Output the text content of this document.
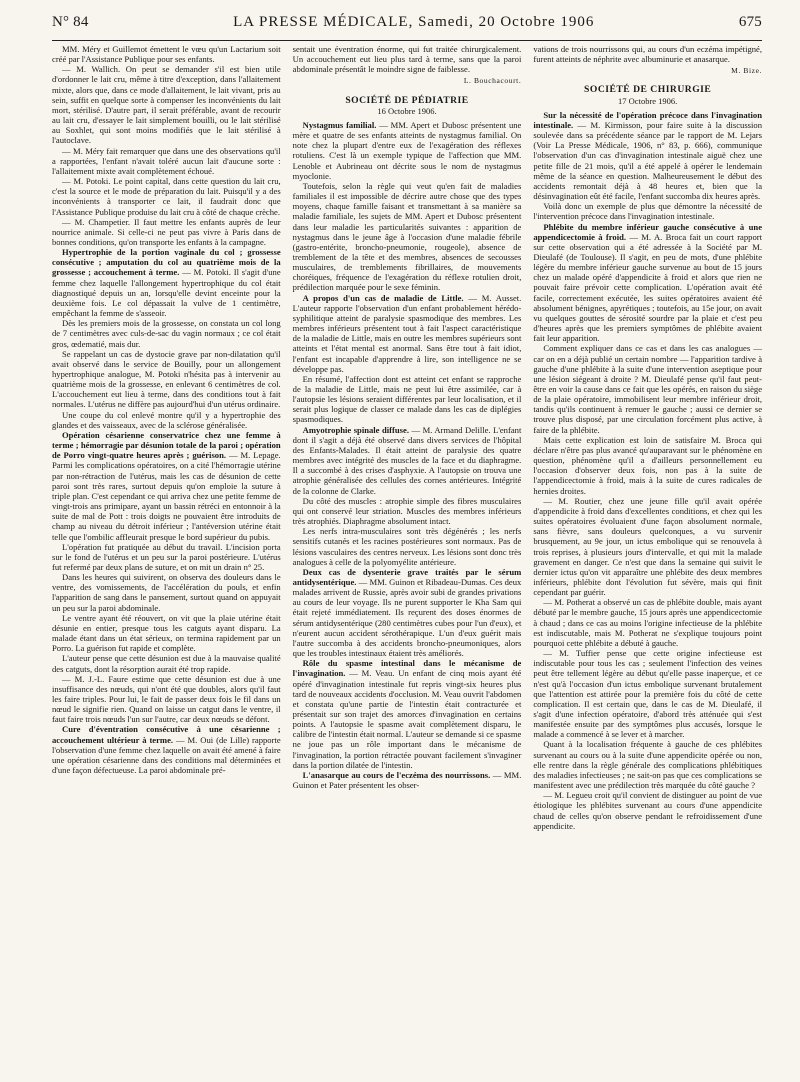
N° 84	LA PRESSE MÉDICALE, Samedi, 20 Octobre 1906	675

MM. Méry et Guillemot émettent le vœu qu'un Lactarium soit créé par l'Assistance Publique pour ses enfants.

— M. Wallich. On peut se demander s'il est bien utile d'ordonner le lait cru, même à titre d'exception, dans l'allaitement mixte, alors que, dans ce mode d'allaitement, le lait vivant, pris au sein, suffit en quelque sorte à compenser les inconvénients du lait mort, stérilisé. D'autre part, il serait préférable, avant de recourir au lait cru, d'essayer le lait simplement bouilli, ou le lait stérilisé au Soxhlet, qui sont moins modifiés que le lait stérilisé à l'autoclave.

— M. Méry fait remarquer que dans une des observations qu'il a rapportées, l'enfant n'avait toléré aucun lait d'aucune sorte : l'allaitement mixte avait complètement échoué.

— M. Potoki. Le point capital, dans cette question du lait cru, c'est la source et le mode de préparation du lait. Puisqu'il y a des inconvénients à transporter ce lait, il faudrait donc que l'Assistance Publique produise du lait cru à côté de chaque crèche.

— M. Champetier. Il faut mettre les enfants auprès de leur nourrice animale. Si celle-ci ne peut pas vivre à Paris dans de bonnes conditions, qu'on transporte les enfants à la campagne.

Hypertrophie de la portion vaginale du col ; grossesse consécutive ; amputation du col au quatrième mois de la grossesse ; accouchement à terme. — M. Potoki. Il s'agit d'une femme chez laquelle l'allongement hypertrophique du col était diagnostiqué depuis un an, lorsqu'elle devint enceinte pour la deuxième fois. Le col dépassait la vulve de 1 centimètre, empêchant la femme de s'asseoir.

Dès les premiers mois de la grossesse, on constata un col long de 7 centimètres avec culs-de-sac du vagin normaux ; ce col était gros, œdematié, mais dur.

Se rappelant un cas de dystocie grave par non-dilatation qu'il avait observé dans le service de Bouilly, pour un allongement hypertrophique analogue, M. Potoki n'hésita pas à intervenir au quatrième mois de la grossesse, en enlevant 6 centimètres de col. L'accouchement eut lieu à terme, dans des conditions tout à fait normales. L'utérus ne diffère pas aujourd'hui d'un utérus ordinaire.

Une coupe du col enlevé montre qu'il y a hypertrophie des glandes et des vaisseaux, avec de la sclérose généralisée.

Opération césarienne conservatrice chez une femme à terme ; hémorragie par désunion totale de la paroi ; opération de Porro vingt-quatre heures après ; guérison. — M. Lepage. Parmi les complications opératoires, on a cité l'hémorragie utérine par non-rétraction de l'utérus, mais les cas de désunion de cette paroi sont très rares, surtout depuis qu'on emploie la suture à triple plan. C'est cependant ce qui arriva chez une petite femme de vingt-trois ans primipare, ayant un bassin rétréci en entonnoir à la suite de mal de Pott : trois doigts ne pouvaient être introduits de champ au niveau du détroit inférieur ; l'antéversion utérine était telle que l'ombilic affleurait presque le bord supérieur du pubis.

L'opération fut pratiquée au début du travail. L'incision porta sur le fond de l'utérus et un peu sur la paroi postérieure. L'utérus fut refermé par deux plans de suture, et on mit un drain n° 25.

Dans les heures qui suivirent, on observa des douleurs dans le ventre, des vomissements, de l'accélération du pouls, et enfin l'apparition de sang dans le pansement, surtout quand on appuyait un peu sur la paroi abdominale.

Le ventre ayant été réouvert, on vit que la plaie utérine était désunie en entier, presque tous les catguts ayant disparu. La malade étant dans un état sérieux, on termina rapidement par un Porro. La guérison fut rapide et complète.

L'auteur pense que cette désunion est due à la mauvaise qualité des catguts, dont la résorption aurait été trop rapide.

— M. J.-L. Faure estime que cette désunion est due à une insuffisance des nœuds, qui n'ont été que doubles, alors qu'il faut les faire triples. Pour lui, le fait de passer deux fois le fil dans un nœud le signifie rien. Quand on laisse un catgut dans le ventre, il faut faire trois nœuds l'un sur l'autre, car deux nœuds se défont.

Cure d'éventration consécutive à une césarienne ; accouchement ultérieur à terme. — M. Oui (de Lille) rapporte l'observation d'une femme chez laquelle on avait été amené à faire une opération césarienne dans des conditions mal déterminées et d'une façon défectueuse. La paroi abdominale pré-

sentait une éventration énorme, qui fut traitée chirurgicalement. Un accouchement eut lieu plus tard à terme, sans que la paroi abdominale présentât le moindre signe de faiblesse.

L. Bouchacourt.
SOCIÉTÉ DE PÉDIATRIE
16 Octobre 1906.

Nystagmus familial. — MM. Apert et Dubosc présentent une mère et quatre de ses enfants atteints de nystagmus familial. On note chez la plupart d'entre eux de l'exagération des réflexes rotuliens. C'est là un exemple typique de l'affection que MM. Lenoble et Aubrineau ont décrite sous le nom de nystagmus myoclonie.

Toutefois, selon la règle qui veut qu'en fait de maladies familiales il est impossible de décrire autre chose que des types moyens, chaque famille faisant et transmettant à sa manière sa maladie familiale, les sujets de MM. Apert et Dubosc présentent dans leur maladie les particularités suivantes : apparition de nystagmus dans le jeune âge à l'occasion d'une maladie fébrile (gastro-entérite, broncho-pneumonie, rougeole), absence de tremblement de la tête et des membres, absences de secousses musculaires, de tremblements fibrillaires, de mouvements choréiques, fréquence de l'exagération du réflexe rotulien droit, prédilection marquée pour le sexe féminin.

A propos d'un cas de maladie de Little. — M. Ausset. L'auteur rapporte l'observation d'un enfant probablement hérédo-syphilitique atteint de paralysie spasmodique des membres. Les membres inférieurs présentent tout à fait l'aspect caractéristique de la maladie de Little, mais en outre les membres supérieurs sont atteints et l'état mental est anormal. Sans être tout à fait idiot, l'enfant est incapable d'apprendre à lire, son intelligence ne se développe pas.

En résumé, l'affection dont est atteint cet enfant se rapproche de la maladie de Little, mais ne peut lui être assimilée, car à l'autopsie les lésions seraient différentes par leur localisation, et il serait plus logique de classer ce malade dans les cas de diplégies spasmodiques.

Amyotrophie spinale diffuse. — M. Armand Delille. L'enfant dont il s'agit a déjà été observé dans divers services de l'hôpital des Enfants-Malades. Il était atteint de paralysie des quatre membres avec intégrité des muscles de la face et du diaphragme. Il a succombé à des crises d'asphyxie. A l'autopsie on trouva une atrophie généralisée des cellules des cornes antérieures. Intégrité de la colonne de Clarke.

Du côté des muscles : atrophie simple des fibres musculaires qui ont conservé leur striation. Muscles des membres inférieurs très atrophiés. Diaphragme absolument intact.

Les nerfs intra-musculaires sont très dégénérés ; les nerfs sensitifs cutanés et les racines postérieures sont normaux. Pas de lésions vasculaires des centres nerveux. Les lésions sont donc très analogues à celle de la polyomyélite antérieure.

Deux cas de dysenterie grave traités par le sérum antidysentérique. — MM. Guinon et Ribadeau-Dumas. Ces deux malades arrivent de Russie, après avoir subi de grandes privations au cours de leur voyage. Ils ne purent supporter le Kha Sam qui était rejeté immédiatement. Ils reçurent des doses énormes de sérum antidysentérique (280 centimètres cubes pour l'un d'eux), et n'eurent aucun accident sérothérapique. L'un d'eux guérit mais l'autre succomba à des accidents broncho-pneumoniques, alors que les troubles intestinaux étaient très améliorés.

Rôle du spasme intestinal dans le mécanisme de l'invagination. — M. Veau. Un enfant de cinq mois ayant été opéré d'invagination intestinale fut repris vingt-six heures plus tard de nouveaux accidents d'occlusion. M. Veau ouvrit l'abdomen et constata qu'une partie de l'intestin était contracturée et présentait sur son trajet des amorces d'invagination en certains points. A l'autopsie le spasme avait complètement disparu, le calibre de l'intestin était normal. L'auteur se demande si ce spasme ne joue pas un rôle important dans le mécanisme de l'invagination, la portion rétractée pouvant facilement s'invaginer dans la portion dilatée de l'intestin.

L'anasarque au cours de l'eczéma des nourrissons. — MM. Guinon et Pater présentent les obser-

vations de trois nourrissons qui, au cours d'un eczéma impétigné, furent atteints de néphrite avec albuminurie et anasarque.

M. Bize.
SOCIÉTÉ DE CHIRURGIE
17 Octobre 1906.

Sur la nécessité de l'opération précoce dans l'invagination intestinale. — M. Kirmisson, pour faire suite à la discussion soulevée dans sa précédente séance par le rapport de M. Lejars (Voir La Presse Médicale, 1906, n° 83, p. 666), communique l'observation d'un cas d'invagination intestinale aiguë chez une petite fille de 21 mois, qu'il a été appelé à opérer le lendemain même de la séance en question. Malheureusement le début des accidents remontait déjà à 48 heures et, bien que la désinvagination eût été facile, l'enfant succomba dix heures après.

Voilà donc un exemple de plus que démontre la nécessité de l'intervention précoce dans l'invagination intestinale.

Phlébite du membre inférieur gauche consécutive à une appendicectomie à froid. — M. A. Broca fait un court rapport sur cette observation qui a été adressée à la Société par M. Dieulafé (de Toulouse). Il s'agit, en peu de mots, d'une phlébite légère du membre inférieur gauche survenue au bout de 15 jours chez un malade opéré d'appendicite à froid et alors que rien ne pouvait faire prévoir cette complication. L'opération avait été facile, correctement exécutée, les suites opératoires avaient été absolument bénignes, apyrétiques ; toutefois, au 15e jour, on avait vu quelques gouttes de sérosité sourdre par la plaie et c'est peu d'heures après que les premiers symptômes de phlébite avaient fait leur apparition.

Comment expliquer dans ce cas et dans les cas analogues — car on en a déjà publié un certain nombre — l'apparition tardive à gauche d'une phlébite à la suite d'une intervention aseptique pour une lésion siégeant à droite ? M. Dieulafé pense qu'il faut peut-être en voir la cause dans ce fait que les opérés, en raison du siège de la plaie opératoire, immobilisent leur membre inférieur droit, tandis qu'ils continuent à remuer le gauche ; aussi ce dernier se trouve plus disposé, par une circulation forcément plus active, à faire de la phlébite.

Mais cette explication est loin de satisfaire M. Broca qui déclare n'être pas plus avancé qu'auparavant sur le phénomène en question, phénomène qu'il a d'ailleurs personnellement eu l'occasion d'observer deux fois, non pas à la suite de l'appendicectomie à froid, mais à la suite de cures radicales de hernies droites.

— M. Routier, chez une jeune fille qu'il avait opérée d'appendicite à froid dans d'excellentes conditions, et chez qui les suites opératoires évoluaient d'une façon absolument normale, sans fièvre, sans douleurs quelconques, a vu survenir brusquement, au 9e jour, un ictus embolique qui se renouvela à trois reprises, à plusieurs jours d'intervalle, et qui mit la malade gravement en danger. Ce n'est que dans la semaine qui suivit le dernier ictus qu'on vit apparaître une phlébite des deux membres inférieurs, phlébite dont l'évolution fut sévère, mais qui finit cependant par guérir.

— M. Potherat a observé un cas de phlébite double, mais ayant débuté par le membre gauche, 15 jours après une appendicectomie à chaud ; dans ce cas au moins l'origine infectieuse de la phlébite est indiscutable, mais M. Potherat ne s'explique toujours point pourquoi cette phlébite a débuté à gauche.

— M. Tuffier pense que cette origine infectieuse est indiscutable pour tous les cas ; seulement l'infection des veines peut être tellement légère au début qu'elle passe inaperçue, et ce n'est qu'à l'occasion d'un ictus embolique survenant brutalement que l'attention est attirée pour la première fois du côté de cette complication. Il est certain que, dans le cas de M. Dieulafé, il s'agit d'une infection opératoire, d'abord très atténuée qui s'est manifestée ensuite par des symptômes plus accusés, lorsque le malade a commencé à se lever et à marcher.

Quant à la localisation fréquente à gauche de ces phlébites survenant au cours ou à la suite d'une appendicite opérée ou non, elle rentre dans la règle générale des complications phlébitiques des maladies infectieuses ; ne sait-on pas que ces complications se manifestent avec une prédilection très marquée du côté gauche ?

— M. Legueu croit qu'il convient de distinguer au point de vue étiologique les phlébites survenant au cours d'une appendicite chaud de celles qu'on observe pendant le refroidissement d'une appendicite.
